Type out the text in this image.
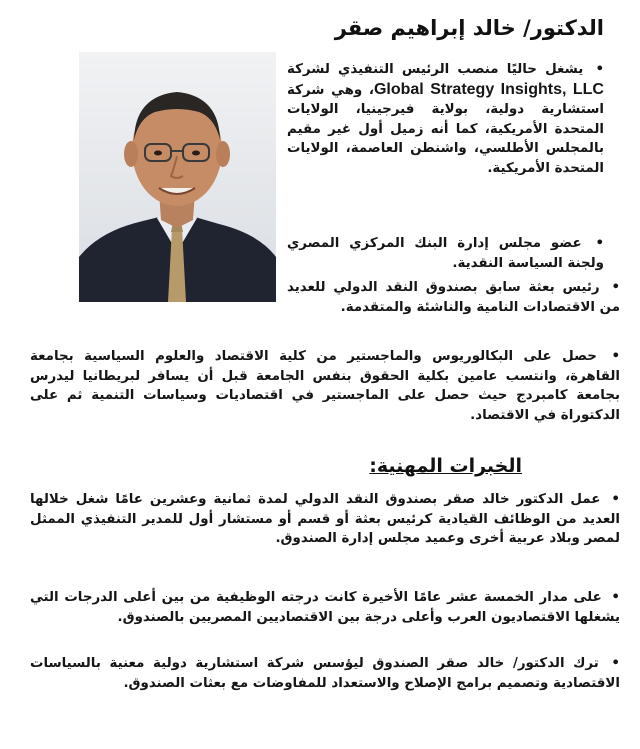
الدكتور/ خالد إبراهيم صقر
• يشغل حاليًا منصب الرئيس التنفيذي لشركة Global Strategy Insights, LLC، وهي شركة استشارية دولية، بولاية فيرجينيا، الولايات المتحدة الأمريكية، كما أنه زميل أول غير مقيم بالمجلس الأطلسي، واشنطن العاصمة، الولايات المتحدة الأمريكية.
• عضو مجلس إدارة البنك المركزي المصري ولجنة السياسة النقدية.
• رئيس بعثة سابق بصندوق النقد الدولي للعديد من الاقتصادات النامية والناشئة والمتقدمة.
• حصل على البكالوريوس والماجستير من كلية الاقتصاد والعلوم السياسية بجامعة القاهرة، وانتسب عامين بكلية الحقوق بنفس الجامعة قبل أن يسافر لبريطانيا ليدرس بجامعة كامبردج حيث حصل على الماجستير في اقتصاديات وسياسات التنمية ثم على الدكتوراة في الاقتصاد.
الخبرات المهنية:
• عمل الدكتور خالد صقر بصندوق النقد الدولي لمدة ثمانية وعشرين عامًا شغل خلالها العديد من الوظائف القيادية كرئيس بعثة أو قسم أو مستشار أول للمدير التنفيذي الممثل لمصر وبلاد عربية أخرى وعميد مجلس إدارة الصندوق.
• على مدار الخمسة عشر عامًا الأخيرة كانت درجته الوظيفية من بين أعلى الدرجات التي يشغلها الاقتصاديون العرب وأعلى درجة بين الاقتصاديين المصريين بالصندوق.
• ترك الدكتور/ خالد صقر الصندوق ليؤسس شركة استشارية دولية معنية بالسياسات الاقتصادية وتصميم برامج الإصلاح والاستعداد للمفاوضات مع بعثات الصندوق.
